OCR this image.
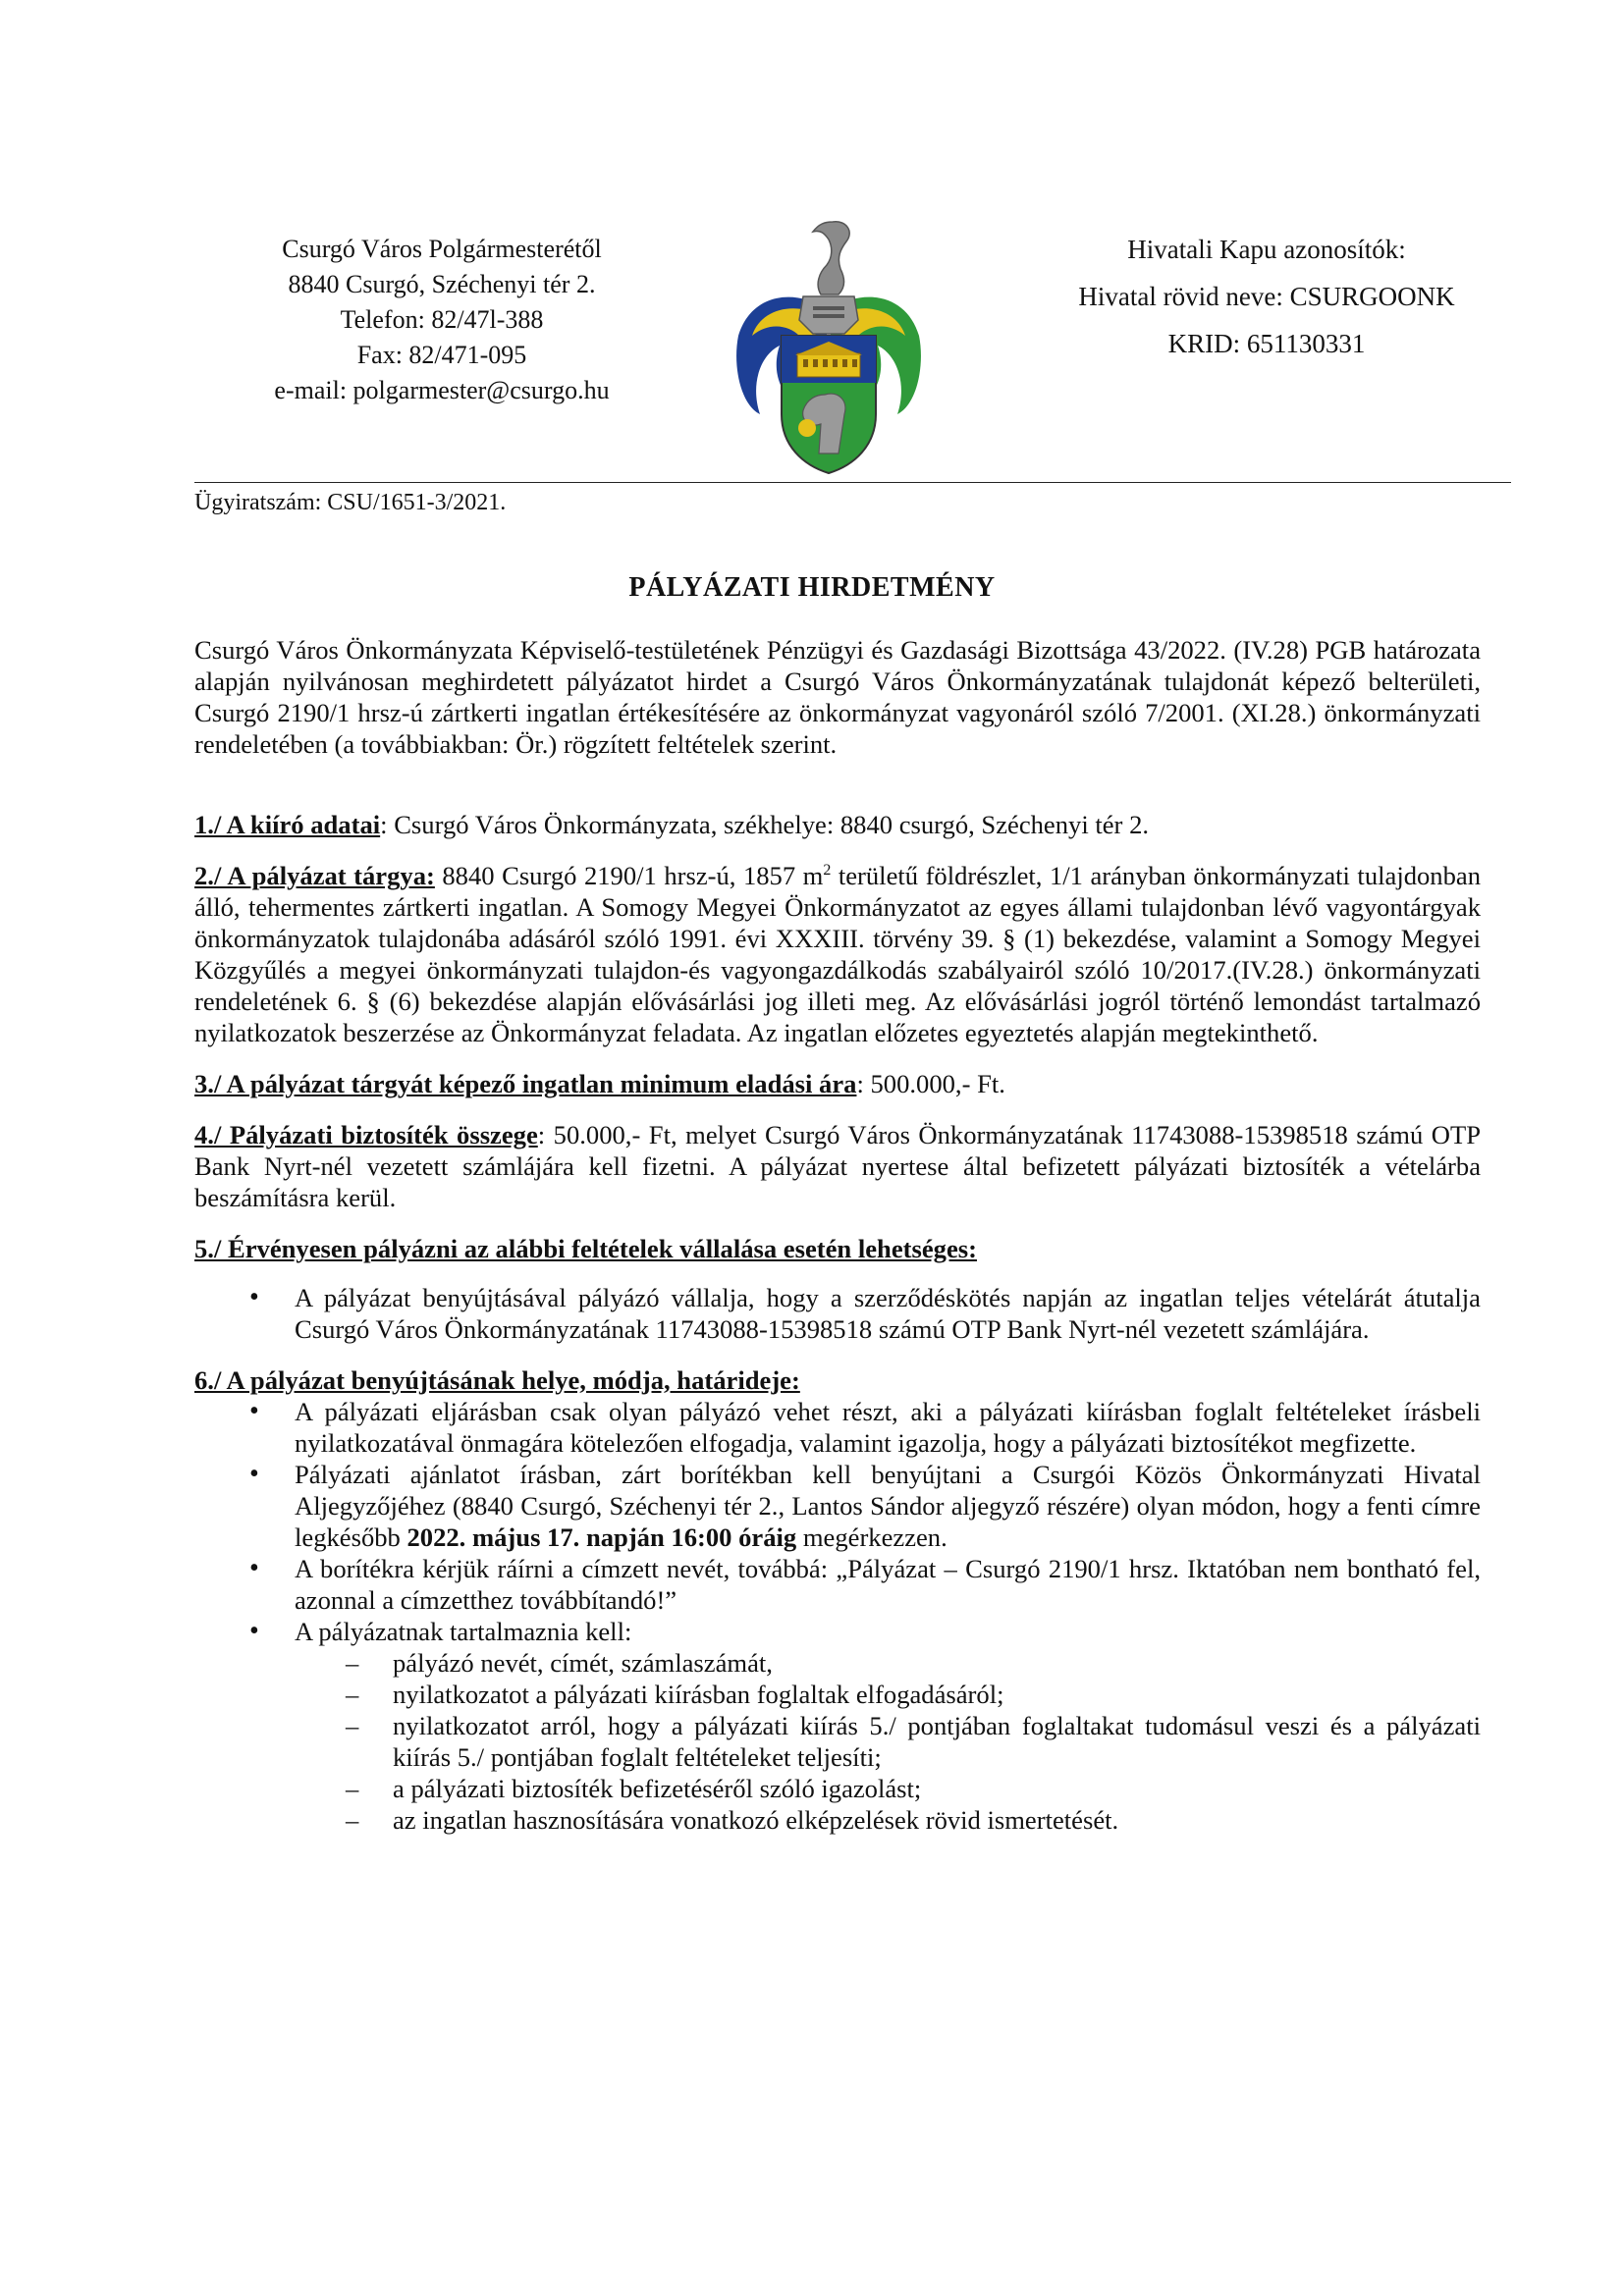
Csurgó Város Polgármesterétől
8840 Csurgó, Széchenyi tér 2.
Telefon: 82/47l-388
Fax: 82/471-095
e-mail: polgarmester@csurgo.hu
Hivatali Kapu azonosítók:
Hivatal rövid neve: CSURGOONK
KRID: 651130331
Ügyiratszám: CSU/1651-3/2021.
PÁLYÁZATI HIRDETMÉNY

Csurgó Város Önkormányzata Képviselő-testületének Pénzügyi és Gazdasági Bizottsága 43/2022. (IV.28) PGB határozata alapján nyilvánosan meghirdetett pályázatot hirdet a Csurgó Város Önkormányzatának tulajdonát képező belterületi, Csurgó 2190/1 hrsz-ú zártkerti ingatlan értékesítésére az önkormányzat vagyonáról szóló 7/2001. (XI.28.) önkormányzati rendeletében (a továbbiakban: Ör.) rögzített feltételek szerint.

1./ A kiíró adatai: Csurgó Város Önkormányzata, székhelye: 8840 csurgó, Széchenyi tér 2.

2./ A pályázat tárgya: 8840 Csurgó 2190/1 hrsz-ú, 1857 $m^2$ területű földrészlet, 1/1 arányban önkormányzati tulajdonban álló, tehermentes zártkerti ingatlan. A Somogy Megyei Önkormányzatot az egyes állami tulajdonban lévő vagyontárgyak önkormányzatok tulajdonába adásáról szóló 1991. évi XXXIII. törvény 39. § (1) bekezdése, valamint a Somogy Megyei Közgyűlés a megyei önkormányzati tulajdon-és vagyongazdálkodás szabályairól szóló 10/2017.(IV.28.) önkormányzati rendeletének 6. § (6) bekezdése alapján elővásárlási jog illeti meg. Az elővásárlási jogról történő lemondást tartalmazó nyilatkozatok beszerzése az Önkormányzat feladata. Az ingatlan előzetes egyeztetés alapján megtekinthető.

3./ A pályázat tárgyát képező ingatlan minimum eladási ára: 500.000,- Ft.

4./ Pályázati biztosíték összege: 50.000,- Ft, melyet Csurgó Város Önkormányzatának 11743088-15398518 számú OTP Bank Nyrt-nél vezetett számlájára kell fizetni. A pályázat nyertese által befizetett pályázati biztosíték a vételárba beszámításra kerül.

5./ Érvényesen pályázni az alábbi feltételek vállalása esetén lehetséges:

• A pályázat benyújtásával pályázó vállalja, hogy a szerződéskötés napján az ingatlan teljes vételárát átutalja Csurgó Város Önkormányzatának 11743088-15398518 számú OTP Bank Nyrt-nél vezetett számlájára.

6./ A pályázat benyújtásának helye, módja, határideje:

• A pályázati eljárásban csak olyan pályázó vehet részt, aki a pályázati kiírásban foglalt feltételeket írásbeli nyilatkozatával önmagára kötelezően elfogadja, valamint igazolja, hogy a pályázati biztosítékot megfizette.
• Pályázati ajánlatot írásban, zárt borítékban kell benyújtani a Csurgói Közös Önkormányzati Hivatal Aljegyzőjéhez (8840 Csurgó, Széchenyi tér 2., Lantos Sándor aljegyző részére) olyan módon, hogy a fenti címre legkésőbb 2022. május 17. napján 16:00 óráig megérkezzen.
• A borítékra kérjük ráírni a címzett nevét, továbbá: „Pályázat – Csurgó 2190/1 hrsz. Iktatóban nem bontható fel, azonnal a címzetthez továbbítandó!”
• A pályázatnak tartalmaznia kell:
– pályázó nevét, címét, számlaszámát,
– nyilatkozatot a pályázati kiírásban foglaltak elfogadásáról;
– nyilatkozatot arról, hogy a pályázati kiírás 5./ pontjában foglaltakat tudomásul veszi és a pályázati kiírás 5./ pontjában foglalt feltételeket teljesíti;
– a pályázati biztosíték befizetéséről szóló igazolást;
– az ingatlan hasznosítására vonatkozó elképzelések rövid ismertetését.
